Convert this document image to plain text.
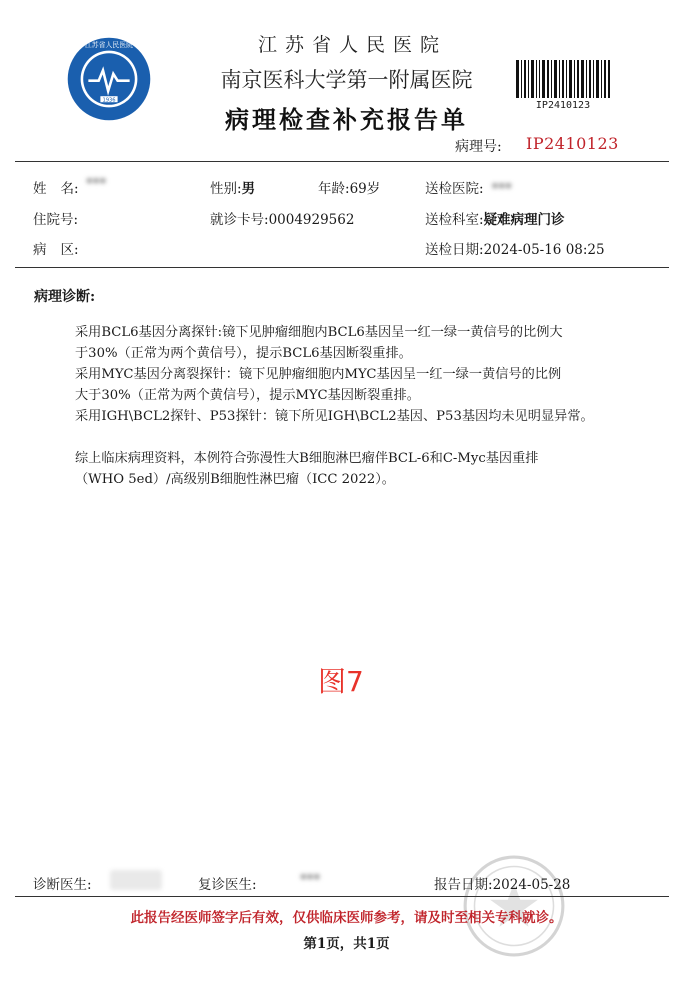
1936
江苏省人民医院	江苏省人民医院
南京医科大学第一附属医院
病理检查补充报告单	IP2410123
病理号: IP2410123
姓 名: ***	性别:男	年龄:69岁	送检医院: ***
住院号:	就诊卡号:0004929562	送检科室:疑难病理门诊
病 区:	送检日期:2024-05-16 08:25
病理诊断:
采用BCL6基因分离探针:镜下见肿瘤细胞内BCL6基因呈一红一绿一黄信号的比例大
于30%（正常为两个黄信号），提示BCL6基因断裂重排。
采用MYC基因分离裂探针：镜下见肿瘤细胞内MYC基因呈一红一绿一黄信号的比例
大于30%（正常为两个黄信号），提示MYC基因断裂重排。
采用IGH\BCL2探针、P53探针：镜下所见IGH\BCL2基因、P53基因均未见明显异常。
综上临床病理资料，本例符合弥漫性大B细胞淋巴瘤伴BCL-6和C-Myc基因重排
（WHO 5ed）/高级别B细胞性淋巴瘤（ICC 2022）。
图7
诊断医生:	复诊医生:	***	报告日期:2024-05-28
此报告经医师签字后有效，仅供临床医师参考，请及时至相关专科就诊。
第1页，共1页
